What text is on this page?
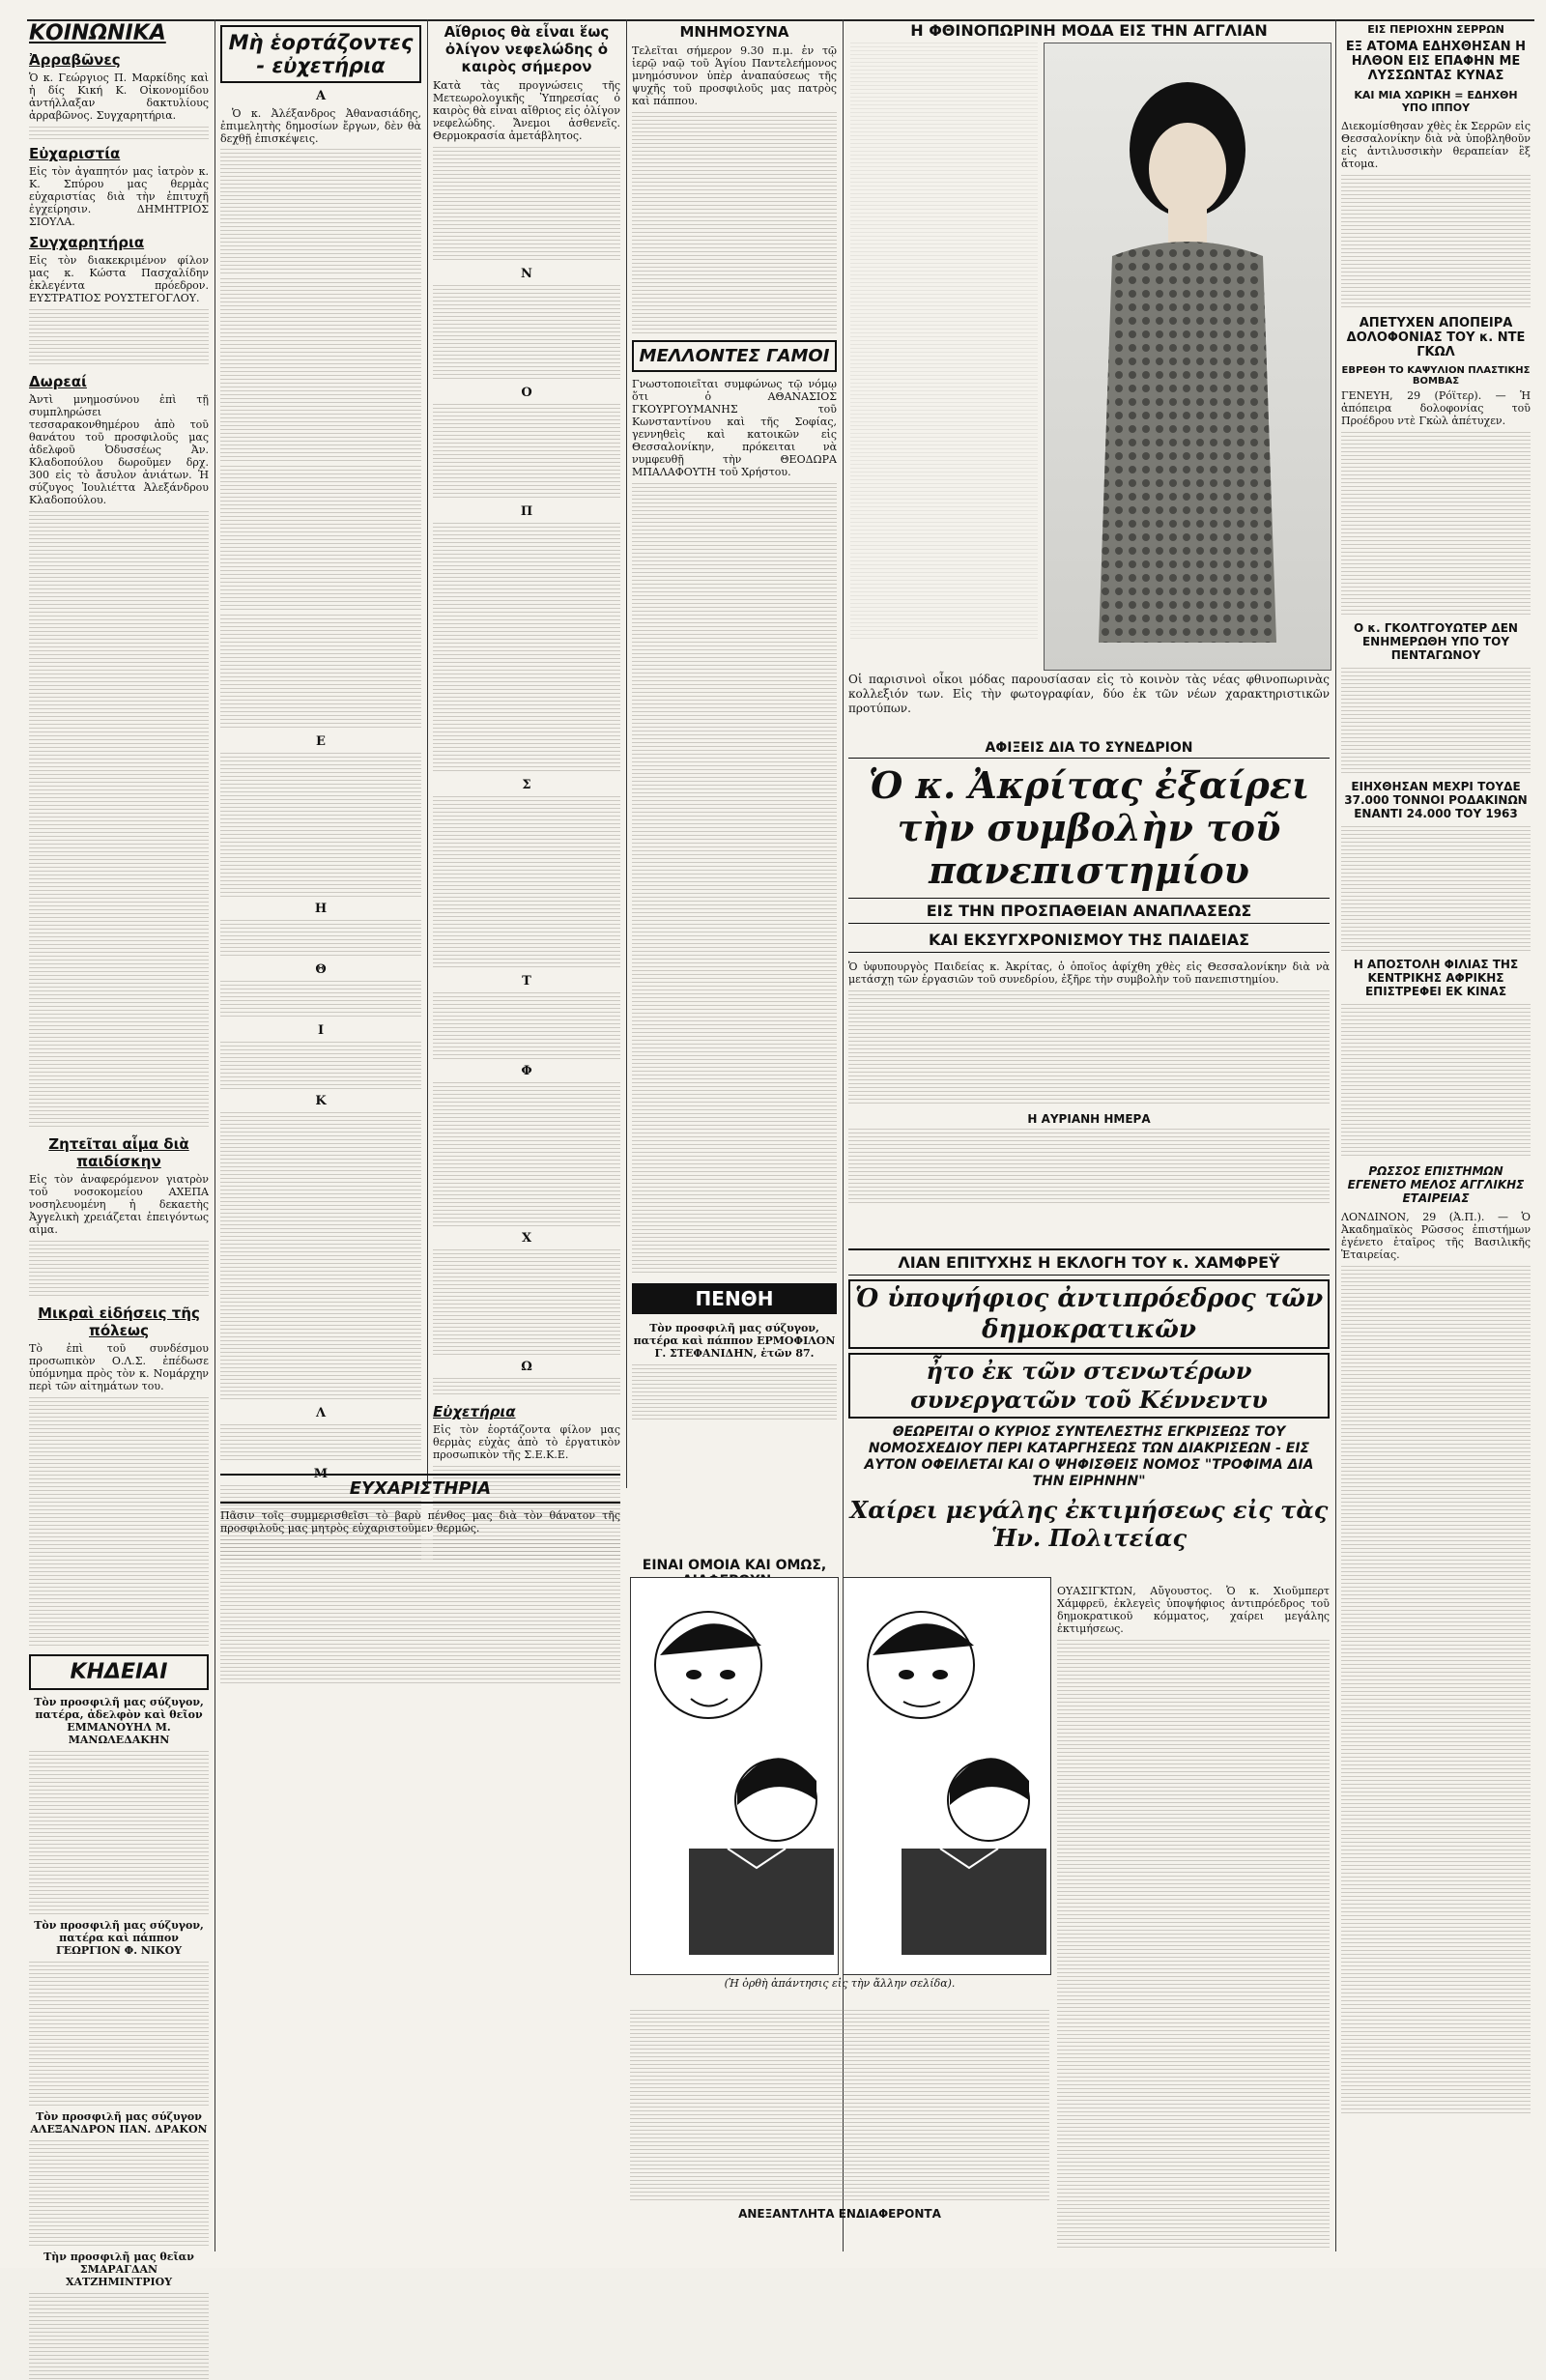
ΚΟΙΝΩΝΙΚΑ
Ἀρραβῶνες

Ὁ κ. Γεώργιος Π. Μαρκίδης καὶ ἡ δίς Κική Κ. Οἰκονομίδου ἀντήλλαξαν δακτυλίους ἀρραβῶνος. Συγχαρητήρια.

Εὐχαριστία

Εἰς τὸν ἀγαπητόν μας ἰατρὸν κ. Κ. Σπύρου μας θερμὰς εὐχαριστίας διὰ τὴν ἐπιτυχῆ ἐγχείρησιν. ΔΗΜΗΤΡΙΟΣ ΣΙΟΥΛΑ.

Συγχαρητήρια

Εἰς τὸν διακεκριμένον φίλον μας κ. Κώστα Πασχαλίδην ἐκλεγέντα πρόεδρον. ΕΥΣΤΡΑΤΙΟΣ ΡΟΥΣΤΕΓΟΓΛΟΥ.

Δωρεαί

Ἀντὶ μνημοσύνου ἐπὶ τῇ συμπληρώσει τεσσαρακονθημέρου ἀπὸ τοῦ θανάτου τοῦ προσφιλοῦς μας ἀδελφοῦ Ὀδυσσέως Ἀν. Κλαδοπούλου δωροῦμεν δρχ. 300 εἰς τὸ ἄσυλον ἀνιάτων. Ἡ σύζυγος Ἰουλιέττα Ἀλεξάνδρου Κλαδοπούλου.

Ζητεῖται αἷμα διὰ παιδίσκην

Εἰς τὸν ἀναφερόμενον γιατρὸν τοῦ νοσοκομείου ΑΧΕΠΑ νοσηλευομένη ἡ δεκαετὴς Ἀγγελικὴ χρειάζεται ἐπειγόντως αἷμα.

Μικραὶ εἰδήσεις τῆς πόλεως

Τὸ ἐπὶ τοῦ συνδέσμου προσωπικὸν Ο.Λ.Σ. ἐπέδωσε ὑπόμνημα πρὸς τὸν κ. Νομάρχην περὶ τῶν αἰτημάτων του.

ΚΗΔΕΙΑΙ

Τὸν προσφιλῆ μας σύζυγον, πατέρα, ἀδελφὸν καὶ θεῖον ΕΜΜΑΝΟΥΗΛ Μ. ΜΑΝΩΛΕΔΑΚΗΝ

Τὸν προσφιλῆ μας σύζυγον, πατέρα καὶ πάππον ΓΕΩΡΓΙΟΝ Φ. ΝΙΚΟΥ

Τὸν προσφιλῆ μας σύζυγον ΑΛΕΞΑΝΔΡΟΝ ΠΑΝ. ΔΡΑΚΟΝ

Τὴν προσφιλῆ μας θεῖαν ΣΜΑΡΑΓΔΑΝ ΧΑΤΖΗΜΙΝΤΡΙΟΥ

Μὴ ἑορτάζοντες - εὐχετήρια
Α

Ὁ κ. Ἀλέξανδρος Ἀθανασιάδης, ἐπιμελητὴς δημοσίων ἔργων, δὲν θὰ δεχθῇ ἐπισκέψεις.

Ε
Η
Θ
Ι
Κ
Λ
Μ
Αἴθριος θὰ εἶναι ἕως ὀλίγον νεφελώδης ὁ καιρὸς σήμερον

Κατὰ τὰς προγνώσεις τῆς Μετεωρολογικῆς Ὑπηρεσίας ὁ καιρὸς θὰ εἶναι αἴθριος εἰς ὀλίγον νεφελώδης. Ἄνεμοι ἀσθενεῖς. Θερμοκρασία ἀμετάβλητος.

Ν
Ο
Π
Σ
Τ
Φ
Χ
Ω
Εὐχετήρια

Εἰς τὸν ἑορτάζοντα φίλον μας θερμὰς εὐχὰς ἀπὸ τὸ ἐργατικὸν προσωπικὸν τῆς Σ.Ε.Κ.Ε.

ΕΥΧΑΡΙΣΤΗΡΙΑ

Πᾶσιν τοῖς συμμερισθεῖσι τὸ βαρὺ πένθος μας διὰ τὸν θάνατον τῆς προσφιλοῦς μας μητρὸς εὐχαριστοῦμεν θερμῶς.

ΜΝΗΜΟΣΥΝΑ

Τελεῖται σήμερον 9.30 π.μ. ἐν τῷ ἱερῷ ναῷ τοῦ Ἁγίου Παντελεήμονος μνημόσυνον ὑπὲρ ἀναπαύσεως τῆς ψυχῆς τοῦ προσφιλοῦς μας πατρὸς καὶ πάππου.

ΜΕΛΛΟΝΤΕΣ ΓΑΜΟΙ

Γνωστοποιεῖται συμφώνως τῷ νόμῳ ὅτι ὁ ΑΘΑΝΑΣΙΟΣ ΓΚΟΥΡΓΟΥΜΑΝΗΣ τοῦ Κωνσταντίνου καὶ τῆς Σοφίας, γεννηθεὶς καὶ κατοικῶν εἰς Θεσσαλονίκην, πρόκειται νὰ νυμφευθῇ τὴν ΘΕΟΔΩΡΑ ΜΠΑΛΑΦΟΥΤΗ τοῦ Χρήστου.

ΠΕΝΘΗ

Τὸν προσφιλῆ μας σύζυγον, πατέρα καὶ πάππον ΕΡΜΟΦΙΛΟΝ Γ. ΣΤΕΦΑΝΙΔΗΝ, ἐτῶν 87.

ΕΙΝΑΙ ΟΜΟΙΑ ΚΑΙ ΟΜΩΣ,
(Ἡ ὀρθὴ ἀπάντησις εἰς τὴν ἄλλην σελίδα).
Η ΦΘΙΝΟΠΩΡΙΝΗ ΜΟΔΑ ΕΙΣ ΤΗΝ ΑΓΓΛΙΑΝ

Οἱ παρισινοὶ οἶκοι μόδας παρουσίασαν εἰς τὸ κοινὸν τὰς νέας φθινοπωρινὰς κολλεξιόν των. Εἰς τὴν φωτογραφίαν, δύο ἐκ τῶν νέων χαρακτηριστικῶν προτύπων.

ΑΦΙΞΕΙΣ ΔΙΑ ΤΟ ΣΥΝΕΔΡΙΟΝ
Ὁ κ. Ἀκρίτας ἐξαίρει τὴν συμβολὴν τοῦ πανεπιστημίου
ΕΙΣ ΤΗΝ ΠΡΟΣΠΑΘΕΙΑΝ ΑΝΑΠΛΑΣΕΩΣ
ΚΑΙ ΕΚΣΥΓΧΡΟΝΙΣΜΟΥ ΤΗΣ ΠΑΙΔΕΙΑΣ

Ὁ ὑφυπουργὸς Παιδείας κ. Ἀκρίτας, ὁ ὁποῖος ἀφίχθη χθὲς εἰς Θεσσαλονίκην διὰ νὰ μετάσχῃ τῶν ἐργασιῶν τοῦ συνεδρίου, ἐξῆρε τὴν συμβολὴν τοῦ πανεπιστημίου.

Η ΑΥΡΙΑΝΗ ΗΜΕΡΑ
ΛΙΑΝ ΕΠΙΤΥΧΗΣ Η ΕΚΛΟΓΗ ΤΟΥ κ. ΧΑΜΦΡΕΫ
Ὁ ὑποψήφιος ἀντιπρόεδρος τῶν δημοκρατικῶν
ἦτο ἐκ τῶν στενωτέρων συνεργατῶν τοῦ Κέννεντυ
ΘΕΩΡΕΙΤΑΙ Ο ΚΥΡΙΟΣ ΣΥΝΤΕΛΕΣΤΗΣ ΕΓΚΡΙΣΕΩΣ ΤΟΥ ΝΟΜΟΣΧΕΔΙΟΥ ΠΕΡΙ ΚΑΤΑΡΓΗΣΕΩΣ ΤΩΝ ΔΙΑΚΡΙΣΕΩΝ - ΕΙΣ ΑΥΤΟΝ ΟΦΕΙΛΕΤΑΙ ΚΑΙ Ο ΨΗΦΙΣΘΕΙΣ ΝΟΜΟΣ "ΤΡΟΦΙΜΑ ΔΙΑ ΤΗΝ ΕΙΡΗΝΗΝ"
Χαίρει μεγάλης ἐκτιμήσεως εἰς τὰς Ἡν. Πολιτείας

ΟΥΑΣΙΓΚΤΩΝ, Αὔγουστος. Ὁ κ. Χιοῦμπερτ Χάμφρεϋ, ἐκλεγεὶς ὑποψήφιος ἀντιπρόεδρος τοῦ δημοκρατικοῦ κόμματος, χαίρει μεγάλης ἐκτιμήσεως.

ΑΝΕΞΑΝΤΛΗΤΑ ΕΝΔΙΑΦΕΡΟΝΤΑ
ΕΙΣ ΠΕΡΙΟΧΗΝ ΣΕΡΡΩΝ
ΕΞ ΑΤΟΜΑ ΕΔΗΧΘΗΣΑΝ Η ΗΛΘΟΝ ΕΙΣ ΕΠΑΦΗΝ ΜΕ ΛΥΣΣΩΝΤΑΣ ΚΥΝΑΣ
ΚΑΙ ΜΙΑ ΧΩΡΙΚΗ = ΕΔΗΧΘΗ ΥΠΟ ΙΠΠΟΥ

Διεκομίσθησαν χθὲς ἐκ Σερρῶν εἰς Θεσσαλονίκην διὰ νὰ ὑποβληθοῦν εἰς ἀντιλυσσικὴν θεραπείαν ἓξ ἄτομα.

ΑΠΕΤΥΧΕΝ ΑΠΟΠΕΙΡΑ ΔΟΛΟΦΟΝΙΑΣ ΤΟΥ κ. ΝΤΕ ΓΚΩΛ
ΕΒΡΕΘΗ ΤΟ ΚΑΨΥΛΙΟΝ ΠΛΑΣΤΙΚΗΣ ΒΟΜΒΑΣ

ΓΕΝΕΥΗ, 29 (Ρόϊτερ). — Ἡ ἀπόπειρα δολοφονίας τοῦ Προέδρου ντὲ Γκὼλ ἀπέτυχεν.

Ο κ. ΓΚΟΛΤΓΟΥΩΤΕΡ ΔΕΝ ΕΝΗΜΕΡΩΘΗ ΥΠΟ ΤΟΥ ΠΕΝΤΑΓΩΝΟΥ
ΕΙΗΧΘΗΣΑΝ ΜΕΧΡΙ ΤΟΥΔΕ 37.000 ΤΟΝΝΟΙ ΡΟΔΑΚΙΝΩΝ ΕΝΑΝΤΙ 24.000 ΤΟΥ 1963
Η ΑΠΟΣΤΟΛΗ ΦΙΛΙΑΣ ΤΗΣ ΚΕΝΤΡΙΚΗΣ ΑΦΡΙΚΗΣ ΕΠΙΣΤΡΕΦΕΙ ΕΚ ΚΙΝΑΣ
ΡΩΣΣΟΣ ΕΠΙΣΤΗΜΩΝ ΕΓΕΝΕΤΟ ΜΕΛΟΣ ΑΓΓΛΙΚΗΣ ΕΤΑΙΡΕΙΑΣ

ΛΟΝΔΙΝΟΝ, 29 (Ἀ.Π.). — Ὁ Ἀκαδημαϊκὸς Ρῶσσος ἐπιστήμων ἐγένετο ἑταῖρος τῆς Βασιλικῆς Ἑταιρείας.
